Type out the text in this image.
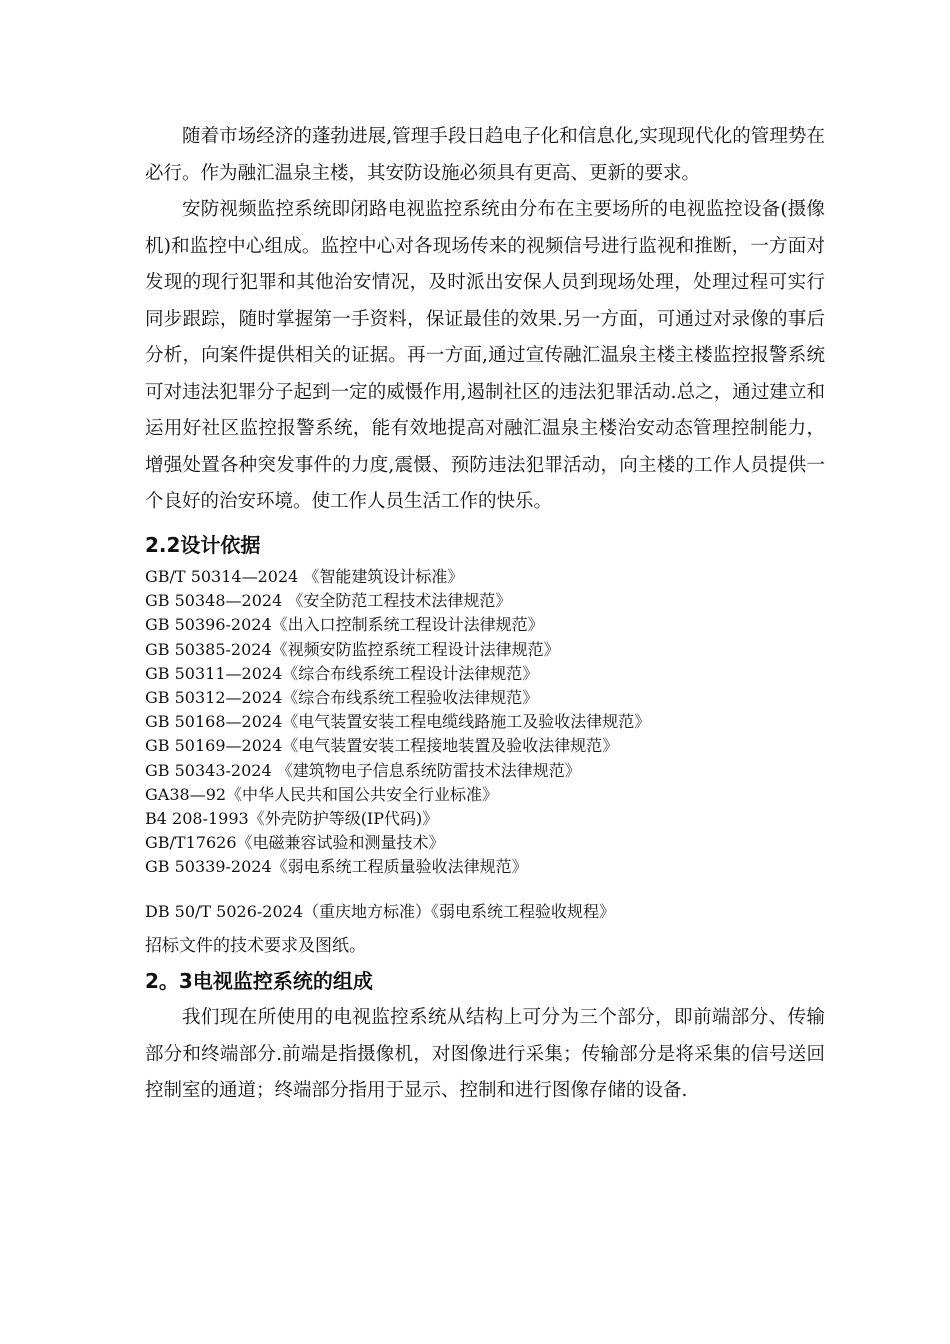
随着市场经济的蓬勃进展,管理手段日趋电子化和信息化,实现现代化的管理势在必行。作为融汇温泉主楼，其安防设施必须具有更高、更新的要求。

安防视频监控系统即闭路电视监控系统由分布在主要场所的电视监控设备(摄像机)和监控中心组成。监控中心对各现场传来的视频信号进行监视和推断，一方面对发现的现行犯罪和其他治安情况，及时派出安保人员到现场处理，处理过程可实行同步跟踪，随时掌握第一手资料，保证最佳的效果.另一方面，可通过对录像的事后分析，向案件提供相关的证据。再一方面,通过宣传融汇温泉主楼主楼监控报警系统可对违法犯罪分子起到一定的威慑作用,遏制社区的违法犯罪活动.总之，通过建立和运用好社区监控报警系统，能有效地提高对融汇温泉主楼治安动态管理控制能力，增强处置各种突发事件的力度,震慑、预防违法犯罪活动，向主楼的工作人员提供一个良好的治安环境。使工作人员生活工作的快乐。

2.2设计依据
GB/T 50314—2024 《智能建筑设计标准》
GB 50348—2024 《安全防范工程技术法律规范》
GB 50396-2024《出入口控制系统工程设计法律规范》
GB 50385-2024《视频安防监控系统工程设计法律规范》
GB 50311—2024《综合布线系统工程设计法律规范》
GB 50312—2024《综合布线系统工程验收法律规范》
GB 50168—2024《电气装置安装工程电缆线路施工及验收法律规范》
GB 50169—2024《电气装置安装工程接地装置及验收法律规范》
GB 50343-2024 《建筑物电子信息系统防雷技术法律规范》
GA38—92《中华人民共和国公共安全行业标准》
B4 208-1993《外壳防护等级(IP代码)》
GB/T17626《电磁兼容试验和测量技术》
GB 50339-2024《弱电系统工程质量验收法律规范》

DB 50/T 5026-2024（重庆地方标准）《弱电系统工程验收规程》

招标文件的技术要求及图纸。

2。3电视监控系统的组成

我们现在所使用的电视监控系统从结构上可分为三个部分，即前端部分、传输部分和终端部分.前端是指摄像机，对图像进行采集；传输部分是将采集的信号送回控制室的通道；终端部分指用于显示、控制和进行图像存储的设备.
